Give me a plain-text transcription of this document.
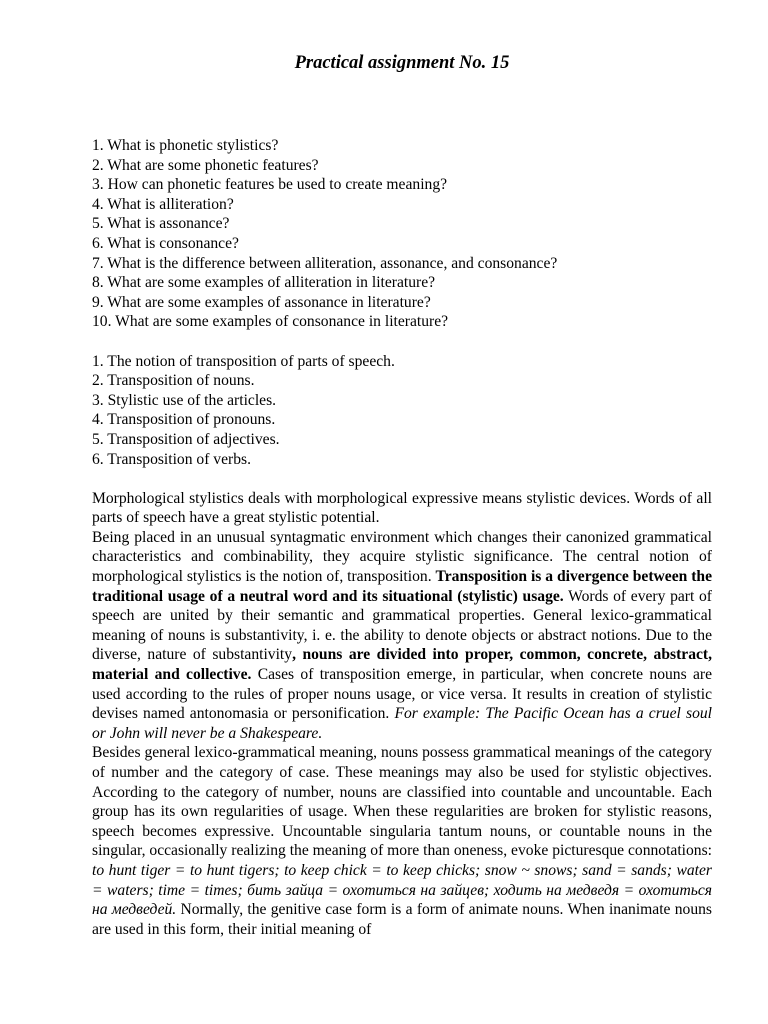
Practical assignment No. 15
1. What is phonetic stylistics?
2. What are some phonetic features?
3. How can phonetic features be used to create meaning?
4. What is alliteration?
5. What is assonance?
6. What is consonance?
7. What is the difference between alliteration, assonance, and consonance?
8. What are some examples of alliteration in literature?
9. What are some examples of assonance in literature?
10. What are some examples of consonance in literature?
1. The notion of transposition of parts of speech.
2. Transposition of nouns.
3. Stylistic use of the articles.
4. Transposition of pronouns.
5. Transposition of adjectives.
6. Transposition of verbs.

Morphological stylistics deals with morphological expressive means stylistic devices. Words of all parts of speech have a great stylistic potential.

Being placed in an unusual syntagmatic environment which changes their canonized grammatical characteristics and combinability, they acquire stylistic significance. The central notion of morphological stylistics is the notion of, transposition. Transposition is a divergence between the traditional usage of a neutral word and its situational (stylistic) usage. Words of every part of speech are united by their semantic and grammatical properties. General lexico-grammatical meaning of nouns is substantivity, i. e. the ability to denote objects or abstract notions. Due to the diverse, nature of substantivity, nouns are divided into proper, common, concrete, abstract, material and collective. Cases of transposition emerge, in particular, when concrete nouns are used according to the rules of proper nouns usage, or vice versa. It results in creation of stylistic devises named antonomasia or personification. For example: The Pacific Ocean has a cruel soul or John will never be a Shakespeare.

Besides general lexico-grammatical meaning, nouns possess grammatical meanings of the category of number and the category of case. These meanings may also be used for stylistic objectives. According to the category of number, nouns are classified into countable and uncountable. Each group has its own regularities of usage. When these regularities are broken for stylistic reasons, speech becomes expressive. Uncountable singularia tantum nouns, or countable nouns in the singular, occasionally realizing the meaning of more than oneness, evoke picturesque connotations: to hunt tiger = to hunt tigers; to keep chick = to keep chicks; snow ~ snows; sand = sands; water = waters; time = times; бить зайца = охотиться на зайцев; ходить на медведя = охотиться на медведей. Normally, the genitive case form is a form of animate nouns. When inanimate nouns are used in this form, their initial meaning of
